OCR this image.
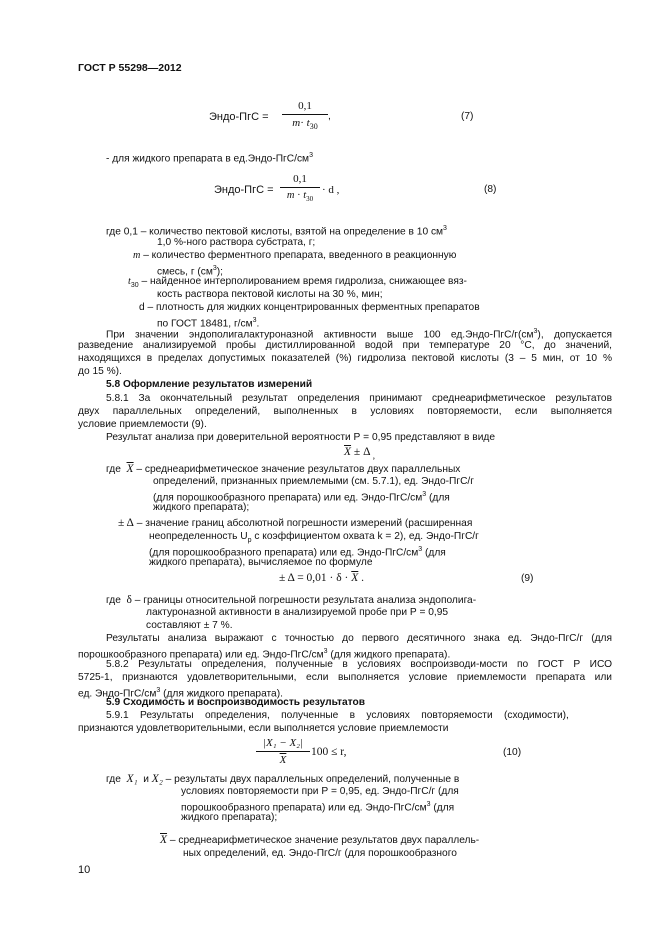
ГОСТ Р 55298—2012
Эндо-ПгС = $\frac{0,1}{m\cdot t_{30}}$ ,	(7)
- для жидкого препарата в $ед.Эндо-ПгС/см^3$
Эндо-ПгС = $\frac{0,1}{m \cdot t_{30}} \cdot d$ ,	(8)
где 0,1 – количество пектовой кислоты, взятой на определение в 10 $см^3$
1,0 %-ного раствора субстрата, г;
m – количество ферментного препарата, введенного в реакционную
смесь, г $(см^3)$;
$t_{30}$ – найденное интерполированием время гидролиза, снижающее вяз-
кость раствора пектовой кислоты на 30 %, мин;
d – плотность для жидких концентрированных ферментных препаратов
по ГОСТ 18481, $г/см^3$.
При значении эндополигалактуроназной активности выше 100 $ед.Эндо-ПгС/г(см^3)$, допускается
разведение анализируемой пробы дистиллированной водой при температуре 20 °С, до значений,
находящихся в пределах допустимых показателей (%) гидролиза пектовой кислоты (3 – 5 мин, от 10 %
до 15 %).
5.8 Оформление результатов измерений
5.8.1 За окончательный результат определения принимают среднеарифметическое результатов
двух параллельных определений, выполненных в условиях повторяемости, если выполняется
условие приемлемости (9).
Результат анализа при доверительной вероятности Р = 0,95 представляют в виде
$\overline{X} \pm \Delta$ $_,$
где $\overline{X}$ – среднеарифметическое значение результатов двух параллельных
определений, признанных приемлемыми (см. 5.7.1), ед. Эндо-ПгС/г
(для порошкообразного препарата) или ед. Эндо-$ПгС/см^3$ (для
жидкого препарата);
± Δ – значение границ абсолютной погрешности измерений (расширенная
неопределенность $U_р$ с коэффициентом охвата k = 2), ед. Эндо-ПгС/г
(для порошкообразного препарата) или ед. Эндо-$ПгС/см^3$ (для
жидкого препарата), вычисляемое по формуле
± $\Delta = 0,01 \cdot \delta \cdot \overline{X}$ .	(9)
где δ – границы относительной погрешности результата анализа эндополига-
лактуроназной активности в анализируемой пробе при Р = 0,95
составляют ± 7 %.
Результаты анализа выражают с точностью до первого десятичного знака ед. Эндо-ПгС/г (для
порошкообразного препарата) или ед. Эндо-$ПгС/см^3$ (для жидкого препарата).
5.8.2 Результаты определения, полученные в условиях воспроизводи-мости по ГОСТ Р ИСО
5725-1, признаются удовлетворительными, если выполняется условие приемлемости препарата или
ед. Эндо-$ПгС/см^3$ (для жидкого препарата).
5.9 Сходимость и воспроизводимость результатов
5.9.1    Результаты    определения,    полученные    в    условиях    повторяемости    (сходимости),
признаются удовлетворительными, если выполняется условие приемлемости
$\frac{\text{|X₁ − X₂|}}{X} 100 \le r$,	(10)
где X₁ и X₂ – результаты двух параллельных определений, полученные в
условиях повторяемости при Р = 0,95, ед. Эндо-ПгС/г (для
порошкообразного препарата) или ед. Эндо-$ПгС/см^3$ (для
жидкого препарата);
$\overline{X}$ – среднеарифметическое значение результатов двух параллель-
ных определений, ед. Эндо-ПгС/г (для порошкообразного
10
